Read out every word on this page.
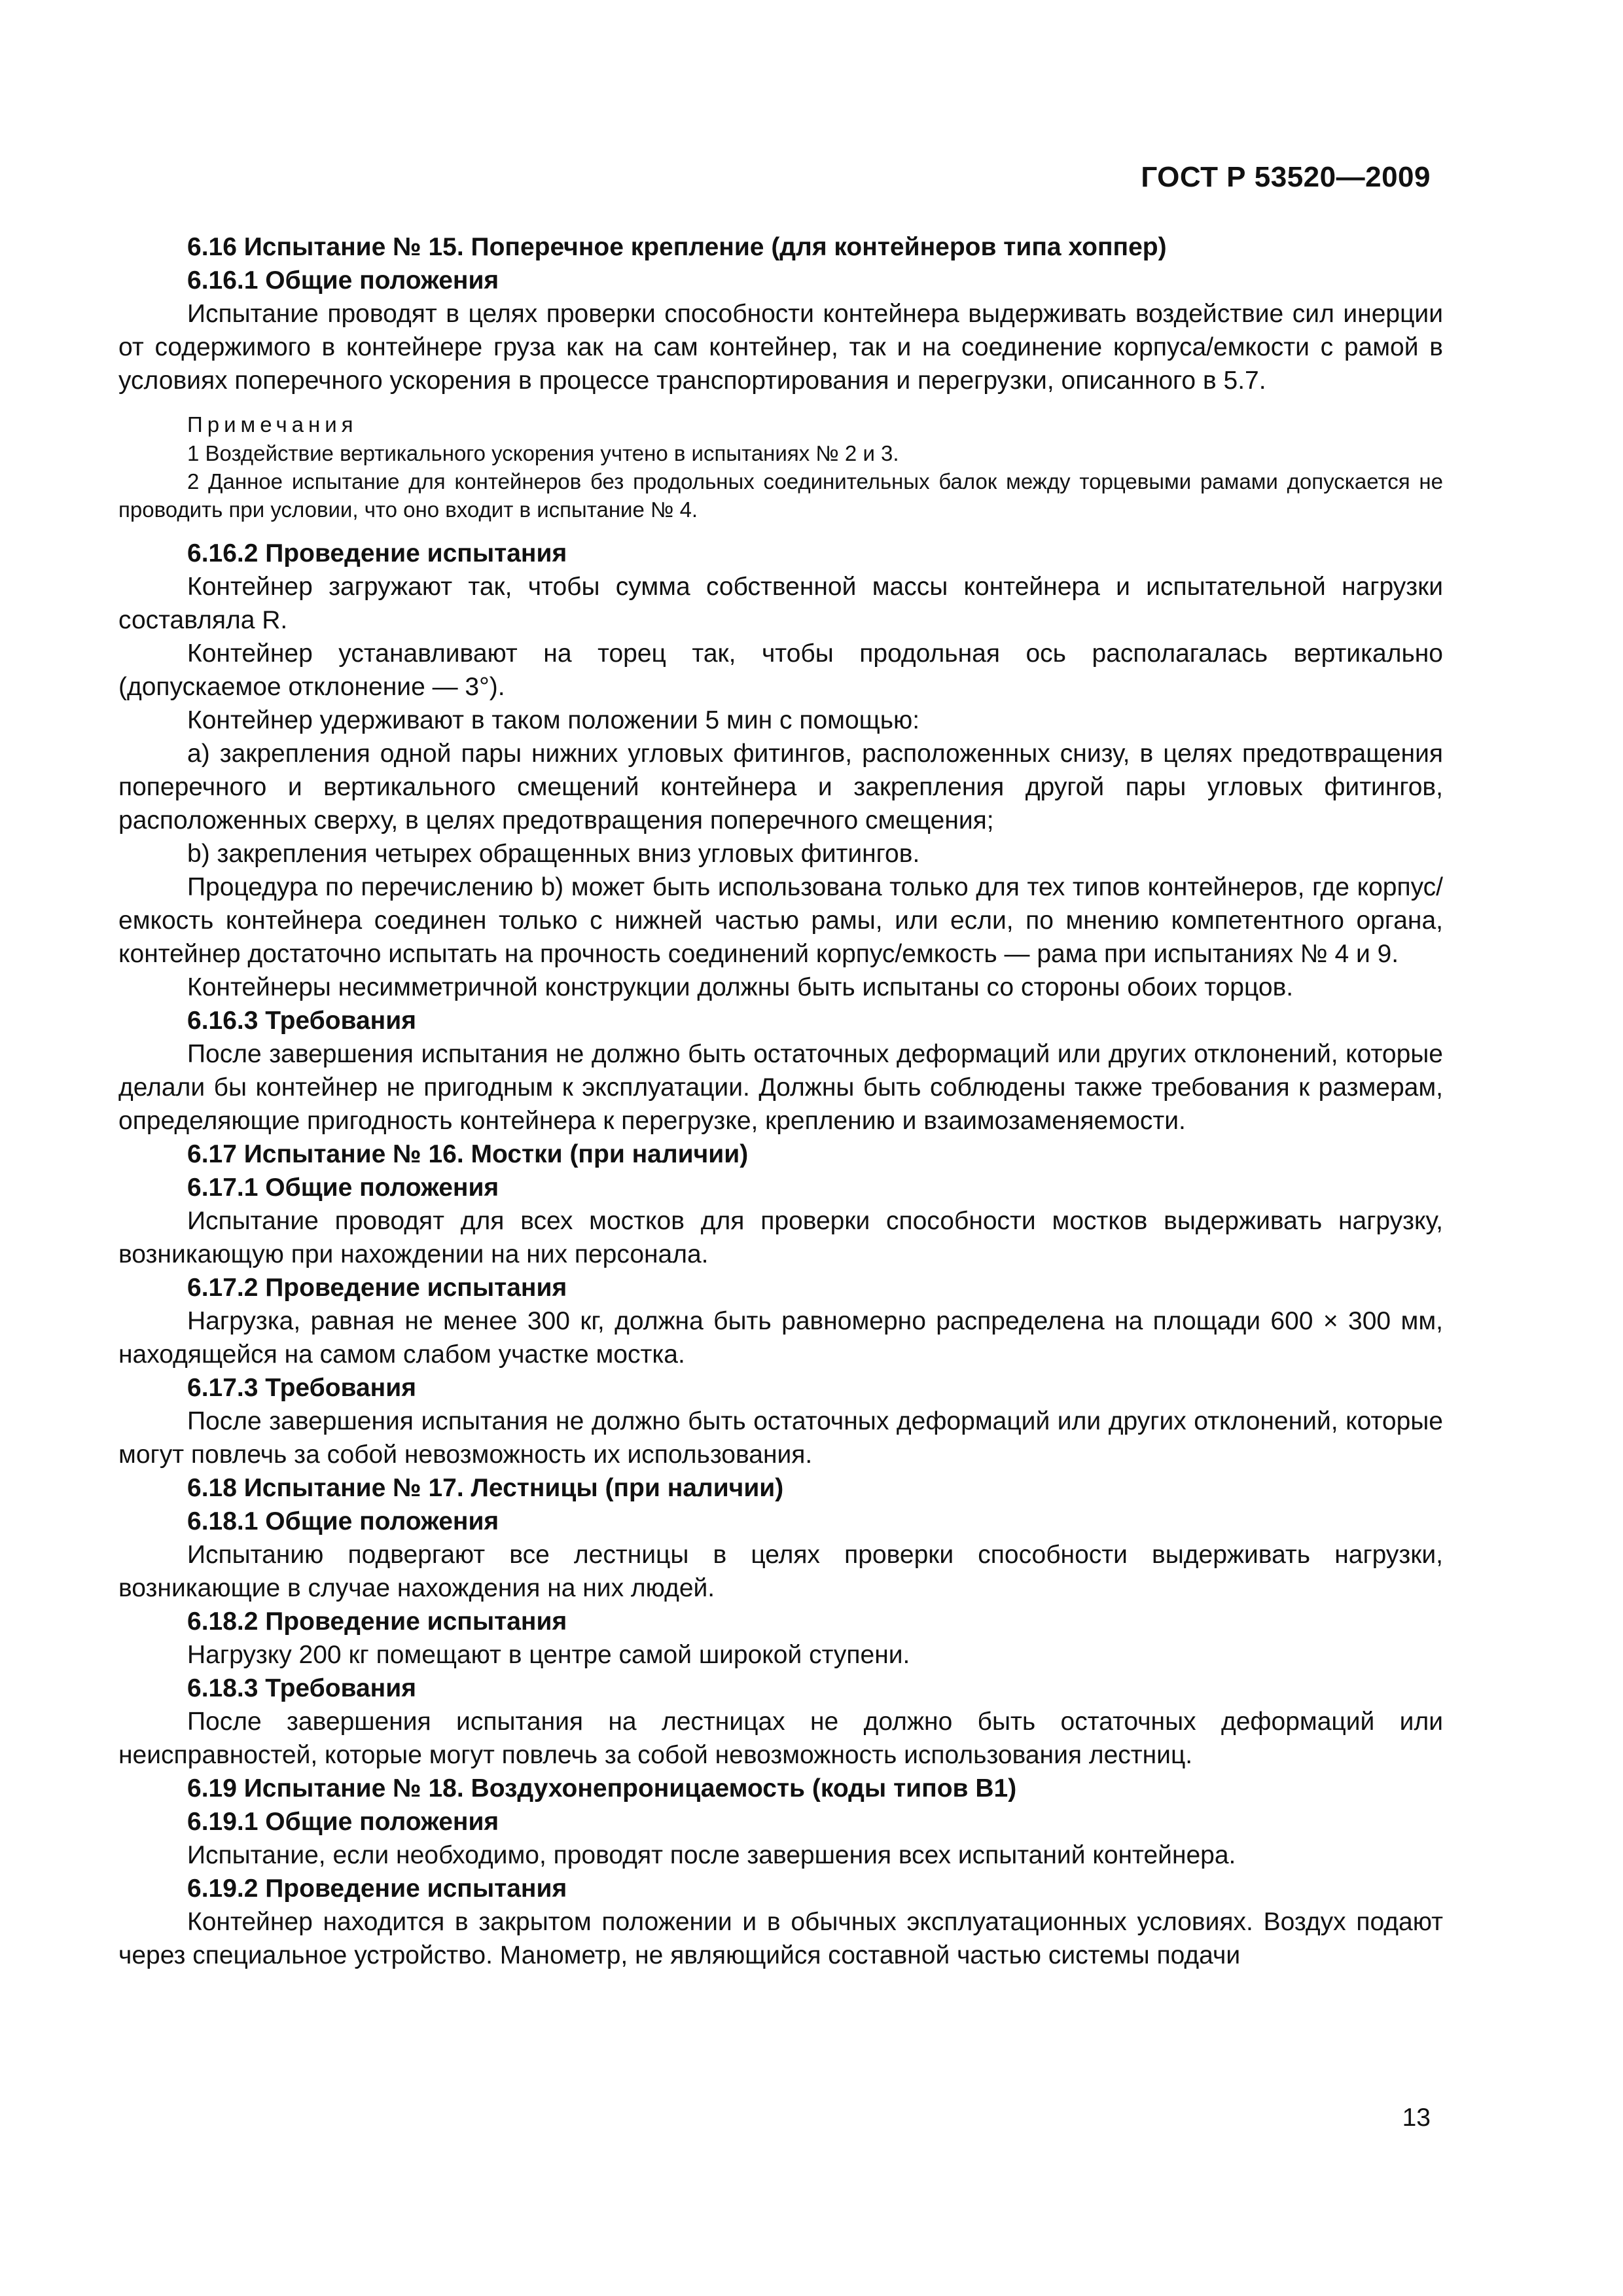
ГОСТ Р 53520—2009

6.16 Испытание № 15. Поперечное крепление (для контейнеров типа хоппер)

6.16.1 Общие положения

Испытание проводят в целях проверки способности контейнера выдерживать воздействие сил инерции от содержимого в контейнере груза как на сам контейнер, так и на соединение корпуса/емкости с рамой в условиях поперечного ускорения в процессе транспортирования и перегрузки, описанного в 5.7.

Примечания

1 Воздействие вертикального ускорения учтено в испытаниях № 2 и 3.

2 Данное испытание для контейнеров без продольных соединительных балок между торцевыми рамами допускается не проводить при условии, что оно входит в испытание № 4.

6.16.2 Проведение испытания

Контейнер загружают так, чтобы сумма собственной массы контейнера и испытательной нагрузки составляла R.

Контейнер устанавливают на торец так, чтобы продольная ось располагалась вертикально (допускаемое отклонение — 3°).

Контейнер удерживают в таком положении 5 мин с помощью:

a) закрепления одной пары нижних угловых фитингов, расположенных снизу, в целях предотвращения поперечного и вертикального смещений контейнера и закрепления другой пары угловых фитингов, расположенных сверху, в целях предотвращения поперечного смещения;

b) закрепления четырех обращенных вниз угловых фитингов.

Процедура по перечислению b) может быть использована только для тех типов контейнеров, где корпус/емкость контейнера соединен только с нижней частью рамы, или если, по мнению компетентного органа, контейнер достаточно испытать на прочность соединений корпус/емкость — рама при испытаниях № 4 и 9.

Контейнеры несимметричной конструкции должны быть испытаны со стороны обоих торцов.

6.16.3 Требования

После завершения испытания не должно быть остаточных деформаций или других отклонений, которые делали бы контейнер не пригодным к эксплуатации. Должны быть соблюдены также требования к размерам, определяющие пригодность контейнера к перегрузке, креплению и взаимозаменяемости.

6.17 Испытание № 16. Мостки (при наличии)

6.17.1 Общие положения

Испытание проводят для всех мостков для проверки способности мостков выдерживать нагрузку, возникающую при нахождении на них персонала.

6.17.2 Проведение испытания

Нагрузка, равная не менее 300 кг, должна быть равномерно распределена на площади 600 × 300 мм, находящейся на самом слабом участке мостка.

6.17.3 Требования

После завершения испытания не должно быть остаточных деформаций или других отклонений, которые могут повлечь за собой невозможность их использования.

6.18 Испытание № 17. Лестницы (при наличии)

6.18.1 Общие положения

Испытанию подвергают все лестницы в целях проверки способности выдерживать нагрузки, возникающие в случае нахождения на них людей.

6.18.2 Проведение испытания

Нагрузку 200 кг помещают в центре самой широкой ступени.

6.18.3 Требования

После завершения испытания на лестницах не должно быть остаточных деформаций или неисправностей, которые могут повлечь за собой невозможность использования лестниц.

6.19 Испытание № 18. Воздухонепроницаемость (коды типов В1)

6.19.1 Общие положения

Испытание, если необходимо, проводят после завершения всех испытаний контейнера.

6.19.2 Проведение испытания

Контейнер находится в закрытом положении и в обычных эксплуатационных условиях. Воздух подают через специальное устройство. Манометр, не являющийся составной частью системы подачи

13
